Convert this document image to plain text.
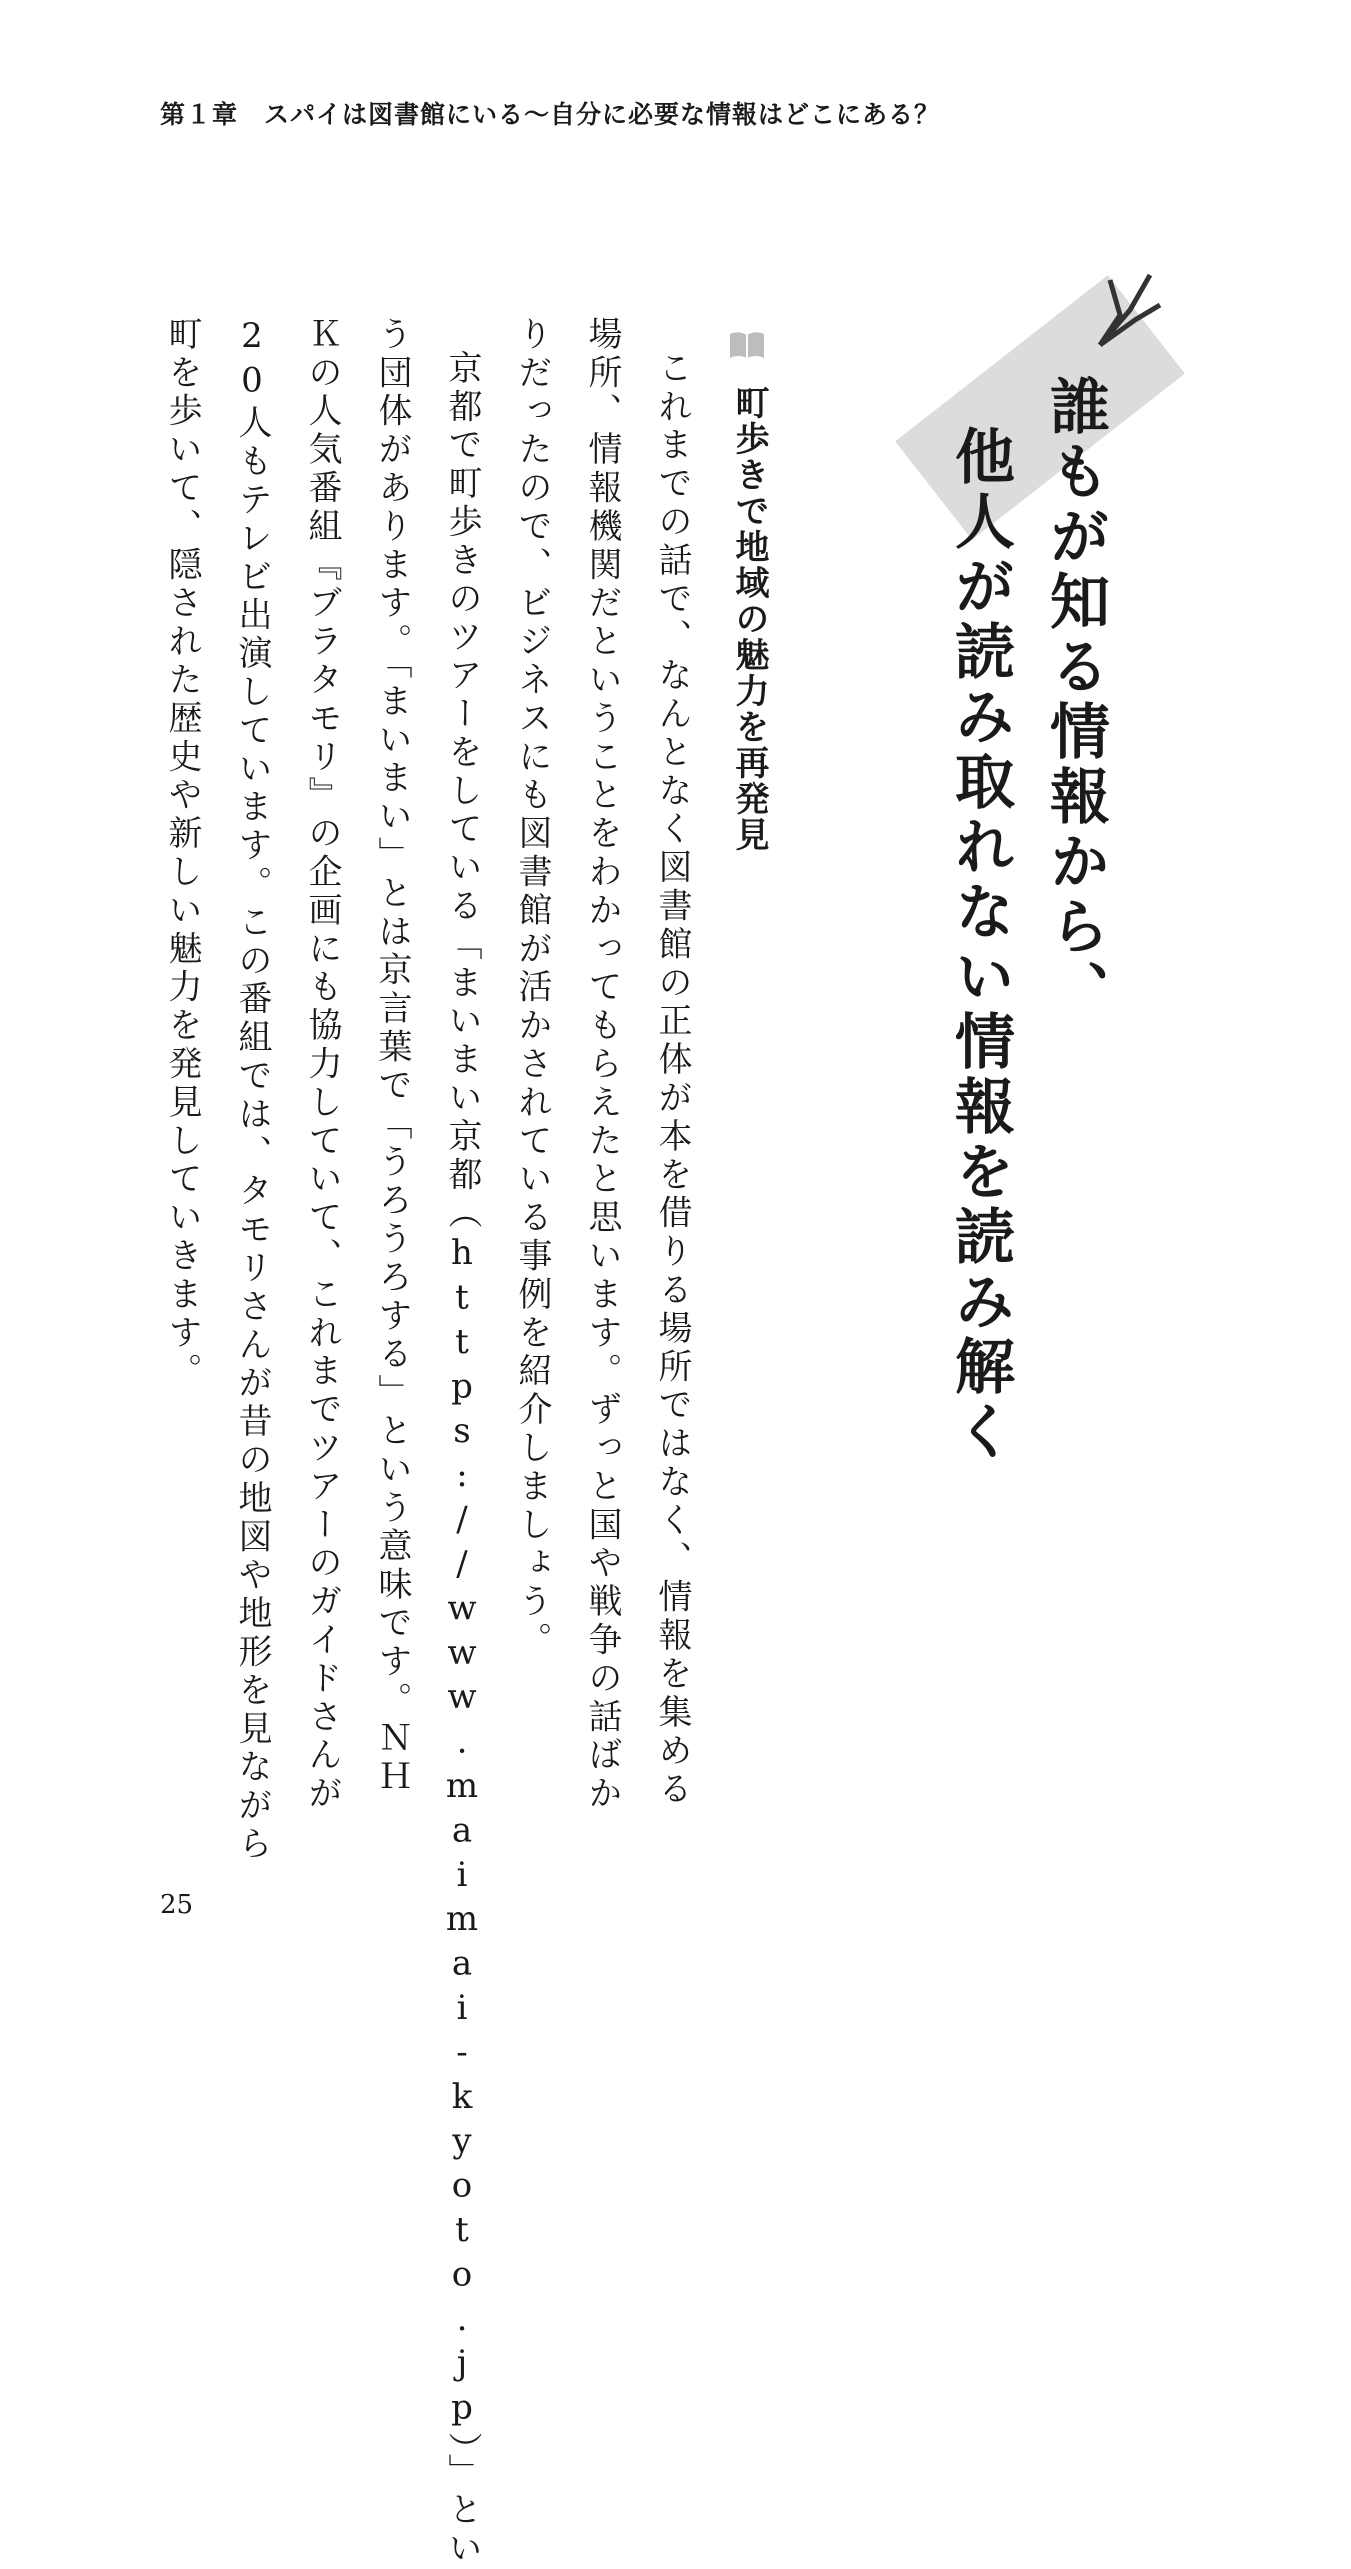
第１章　スパイは図書館にいる〜自分に必要な情報はどこにある？
誰もが知る情報から、
他人が読み取れない情報を読み解く
町歩きで地域の魅力を再発見
これまでの話で、なんとなく図書館の正体が本を借りる場所ではなく、情報を集める
場所、情報機関だということをわかってもらえたと思います。ずっと国や戦争の話ばか
りだったので、ビジネスにも図書館が活かされている事例を紹介しましょう。
京都で町歩きのツアーをしている「まいまい京都（https://www.maimai-kyoto.jp）」とい
う団体があります。「まいまい」とは京言葉で「うろうろする」という意味です。ＮＨ
Ｋの人気番組『ブラタモリ』の企画にも協力していて、これまでツアーのガイドさんが
20人もテレビ出演しています。この番組では、タモリさんが昔の地図や地形を見ながら
町を歩いて、隠された歴史や新しい魅力を発見していきます。
25
